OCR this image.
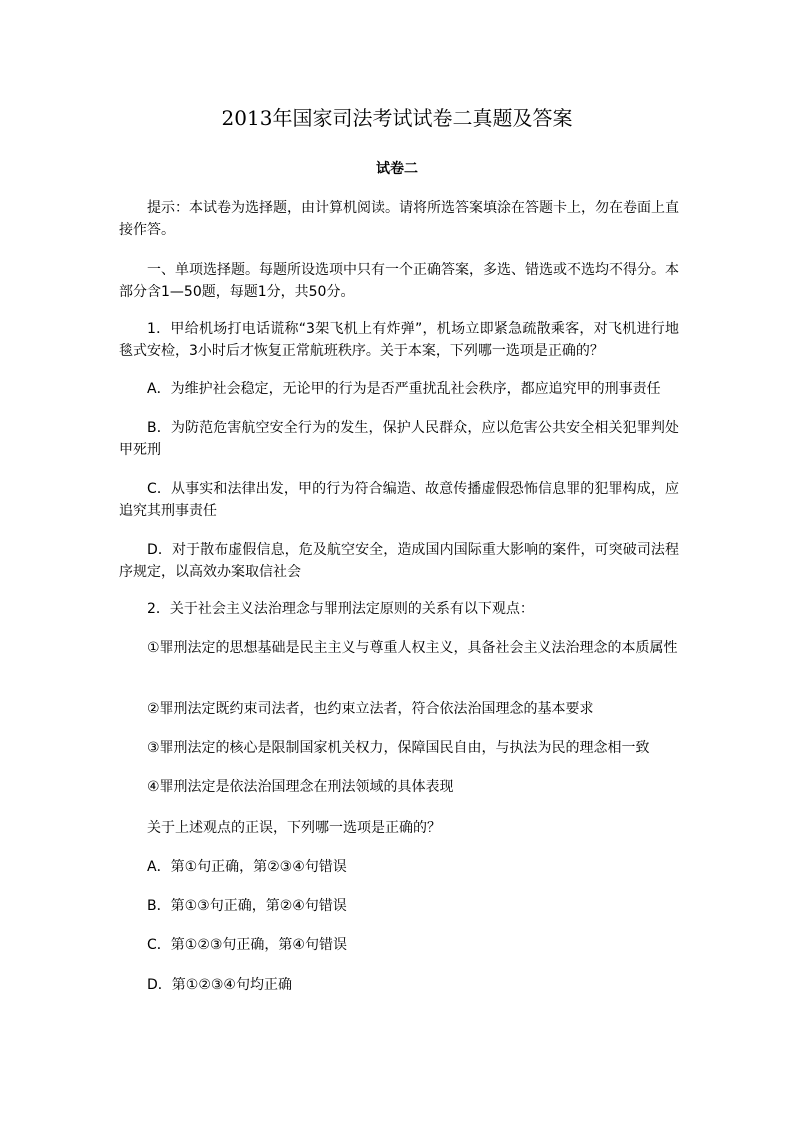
2013年国家司法考试试卷二真题及答案
试卷二
提示：本试卷为选择题，由计算机阅读。请将所选答案填涂在答题卡上，勿在卷面上直接作答。
一、单项选择题。每题所设选项中只有一个正确答案，多选、错选或不选均不得分。本部分含1—50题，每题1分，共50分。
1．甲给机场打电话谎称“3架飞机上有炸弹”，机场立即紧急疏散乘客，对飞机进行地毯式安检，3小时后才恢复正常航班秩序。关于本案，下列哪一选项是正确的？
A．为维护社会稳定，无论甲的行为是否严重扰乱社会秩序，都应追究甲的刑事责任
B．为防范危害航空安全行为的发生，保护人民群众，应以危害公共安全相关犯罪判处甲死刑
C．从事实和法律出发，甲的行为符合编造、故意传播虚假恐怖信息罪的犯罪构成，应追究其刑事责任
D．对于散布虚假信息，危及航空安全，造成国内国际重大影响的案件，可突破司法程序规定，以高效办案取信社会
2．关于社会主义法治理念与罪刑法定原则的关系有以下观点：
①罪刑法定的思想基础是民主主义与尊重人权主义，具备社会主义法治理念的本质属性
②罪刑法定既约束司法者，也约束立法者，符合依法治国理念的基本要求
③罪刑法定的核心是限制国家机关权力，保障国民自由，与执法为民的理念相一致
④罪刑法定是依法治国理念在刑法领域的具体表现
关于上述观点的正误，下列哪一选项是正确的？
A．第①句正确，第②③④句错误
B．第①③句正确，第②④句错误
C．第①②③句正确，第④句错误
D．第①②③④句均正确
